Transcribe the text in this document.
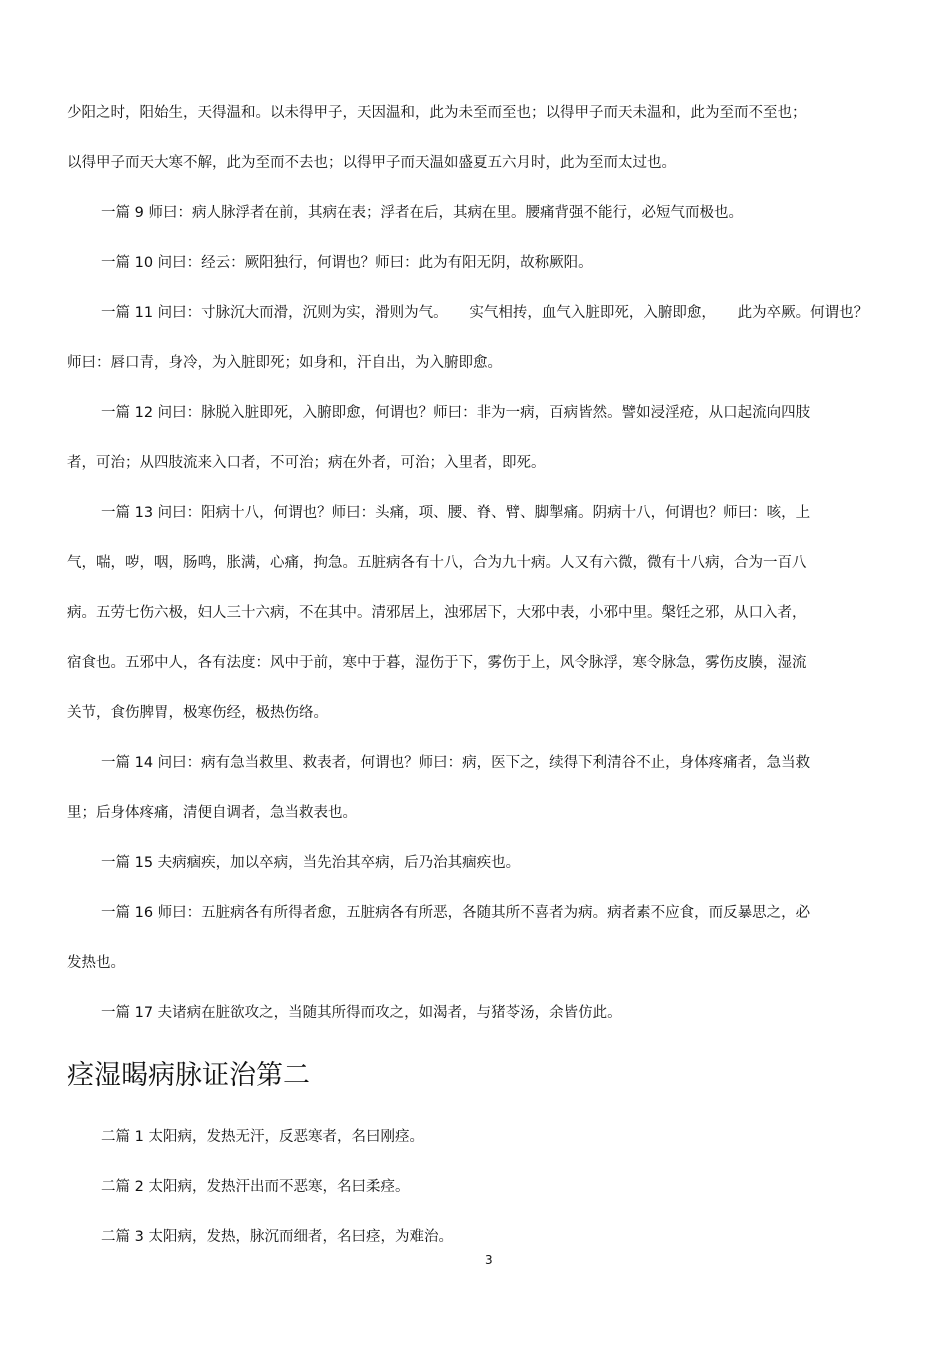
少阳之时，阳始生，天得温和。以未得甲子，天因温和，此为未至而至也；以得甲子而天未温和，此为至而不至也；
以得甲子而天大寒不解，此为至而不去也；以得甲子而天温如盛夏五六月时，此为至而太过也。
一篇 9 师曰：病人脉浮者在前，其病在表；浮者在后，其病在里。腰痛背强不能行，必短气而极也。
一篇 10 问曰：经云：厥阳独行，何谓也？师曰：此为有阳无阴，故称厥阳。
一篇 11 问曰：寸脉沉大而滑，沉则为实，滑则为气。　　实气相抟，血气入脏即死，入腑即愈，　　此为卒厥。何谓也？
师曰：唇口青，身冷，为入脏即死；如身和，汗自出，为入腑即愈。
一篇 12 问曰：脉脱入脏即死，入腑即愈，何谓也？师曰：非为一病，百病皆然。譬如浸淫疮，从口起流向四肢
者，可治；从四肢流来入口者，不可治；病在外者，可治；入里者，即死。
一篇 13 问曰：阳病十八，何谓也？师曰：头痛，项、腰、脊、臂、脚掣痛。阴病十八，何谓也？师曰：咳，上
气，喘，哕，咽，肠鸣，胀满，心痛，拘急。五脏病各有十八，合为九十病。人又有六微，微有十八病，合为一百八
病。五劳七伤六极，妇人三十六病，不在其中。清邪居上，浊邪居下，大邪中表，小邪中里。槃饪之邪，从口入者，
宿食也。五邪中人，各有法度：风中于前，寒中于暮，湿伤于下，雾伤于上，风令脉浮，寒令脉急，雾伤皮腠，湿流
关节，食伤脾胃，极寒伤经，极热伤络。
一篇 14 问曰：病有急当救里、救表者，何谓也？师曰：病，医下之，续得下利清谷不止，身体疼痛者，急当救
里；后身体疼痛，清便自调者，急当救表也。
一篇 15 夫病痼疾，加以卒病，当先治其卒病，后乃治其痼疾也。
一篇 16 师曰：五脏病各有所得者愈，五脏病各有所恶，各随其所不喜者为病。病者素不应食，而反暴思之，必
发热也。
一篇 17 夫诸病在脏欲攻之，当随其所得而攻之，如渴者，与猪苓汤，余皆仿此。
痉湿暍病脉证治第二
二篇 1 太阳病，发热无汗，反恶寒者，名曰刚痉。
二篇 2 太阳病，发热汗出而不恶寒，名曰柔痉。
二篇 3 太阳病，发热，脉沉而细者，名曰痉，为难治。
3
